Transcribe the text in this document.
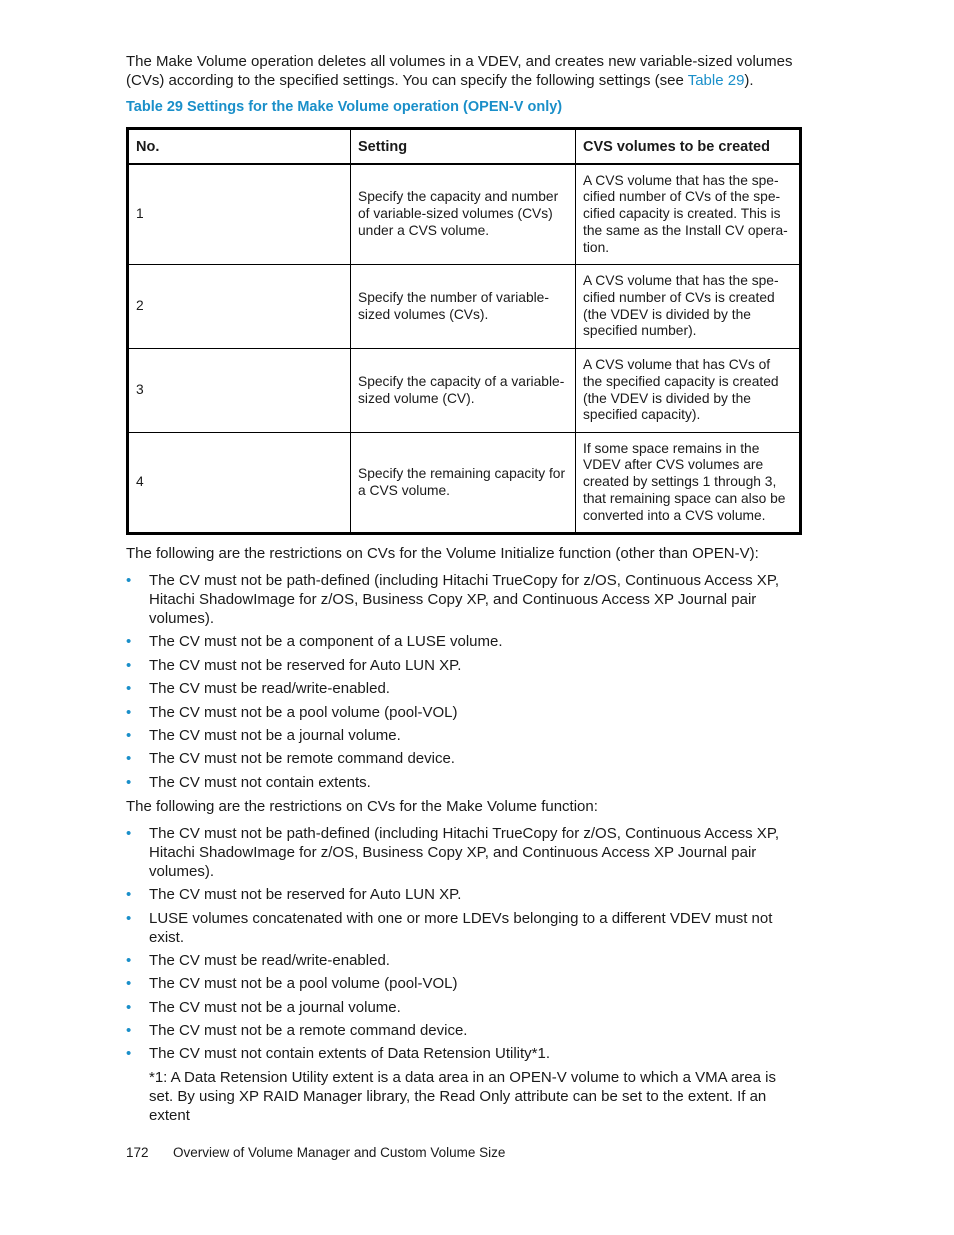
The Make Volume operation deletes all volumes in a VDEV, and creates new variable-sized volumes (CVs) according to the specified settings. You can specify the following settings (see Table 29).

Table 29 Settings for the Make Volume operation (OPEN-V only)
No.	Setting	CVS volumes to be created
1	Specify the capacity and number of variable-sized volumes (CVs) under a CVS volume.	A CVS volume that has the spe-cified number of CVs of the spe-cified capacity is created. This is the same as the Install CV opera-tion.
2	Specify the number of variable-sized volumes (CVs).	A CVS volume that has the spe-cified number of CVs is created (the VDEV is divided by the specified number).
3	Specify the capacity of a variable-sized volume (CV).	A CVS volume that has CVs of the specified capacity is created (the VDEV is divided by the specified capacity).
4	Specify the remaining capacity for a CVS volume.	If some space remains in the VDEV after CVS volumes are created by settings 1 through 3, that remaining space can also be converted into a CVS volume.

The following are the restrictions on CVs for the Volume Initialize function (other than OPEN-V):

• The CV must not be path-defined (including Hitachi TrueCopy for z/OS, Continuous Access XP, Hitachi ShadowImage for z/OS, Business Copy XP, and Continuous Access XP Journal pair volumes).
• The CV must not be a component of a LUSE volume.
• The CV must not be reserved for Auto LUN XP.
• The CV must be read/write-enabled.
• The CV must not be a pool volume (pool-VOL)
• The CV must not be a journal volume.
• The CV must not be remote command device.
• The CV must not contain extents.

The following are the restrictions on CVs for the Make Volume function:

• The CV must not be path-defined (including Hitachi TrueCopy for z/OS, Continuous Access XP, Hitachi ShadowImage for z/OS, Business Copy XP, and Continuous Access XP Journal pair volumes).
• The CV must not be reserved for Auto LUN XP.
• LUSE volumes concatenated with one or more LDEVs belonging to a different VDEV must not exist.
• The CV must be read/write-enabled.
• The CV must not be a pool volume (pool-VOL)
• The CV must not be a journal volume.
• The CV must not be a remote command device.
• The CV must not contain extents of Data Retension Utility*1.

*1: A Data Retension Utility extent is a data area in an OPEN-V volume to which a VMA area is set. By using XP RAID Manager library, the Read Only attribute can be set to the extent. If an extent

172 Overview of Volume Manager and Custom Volume Size
